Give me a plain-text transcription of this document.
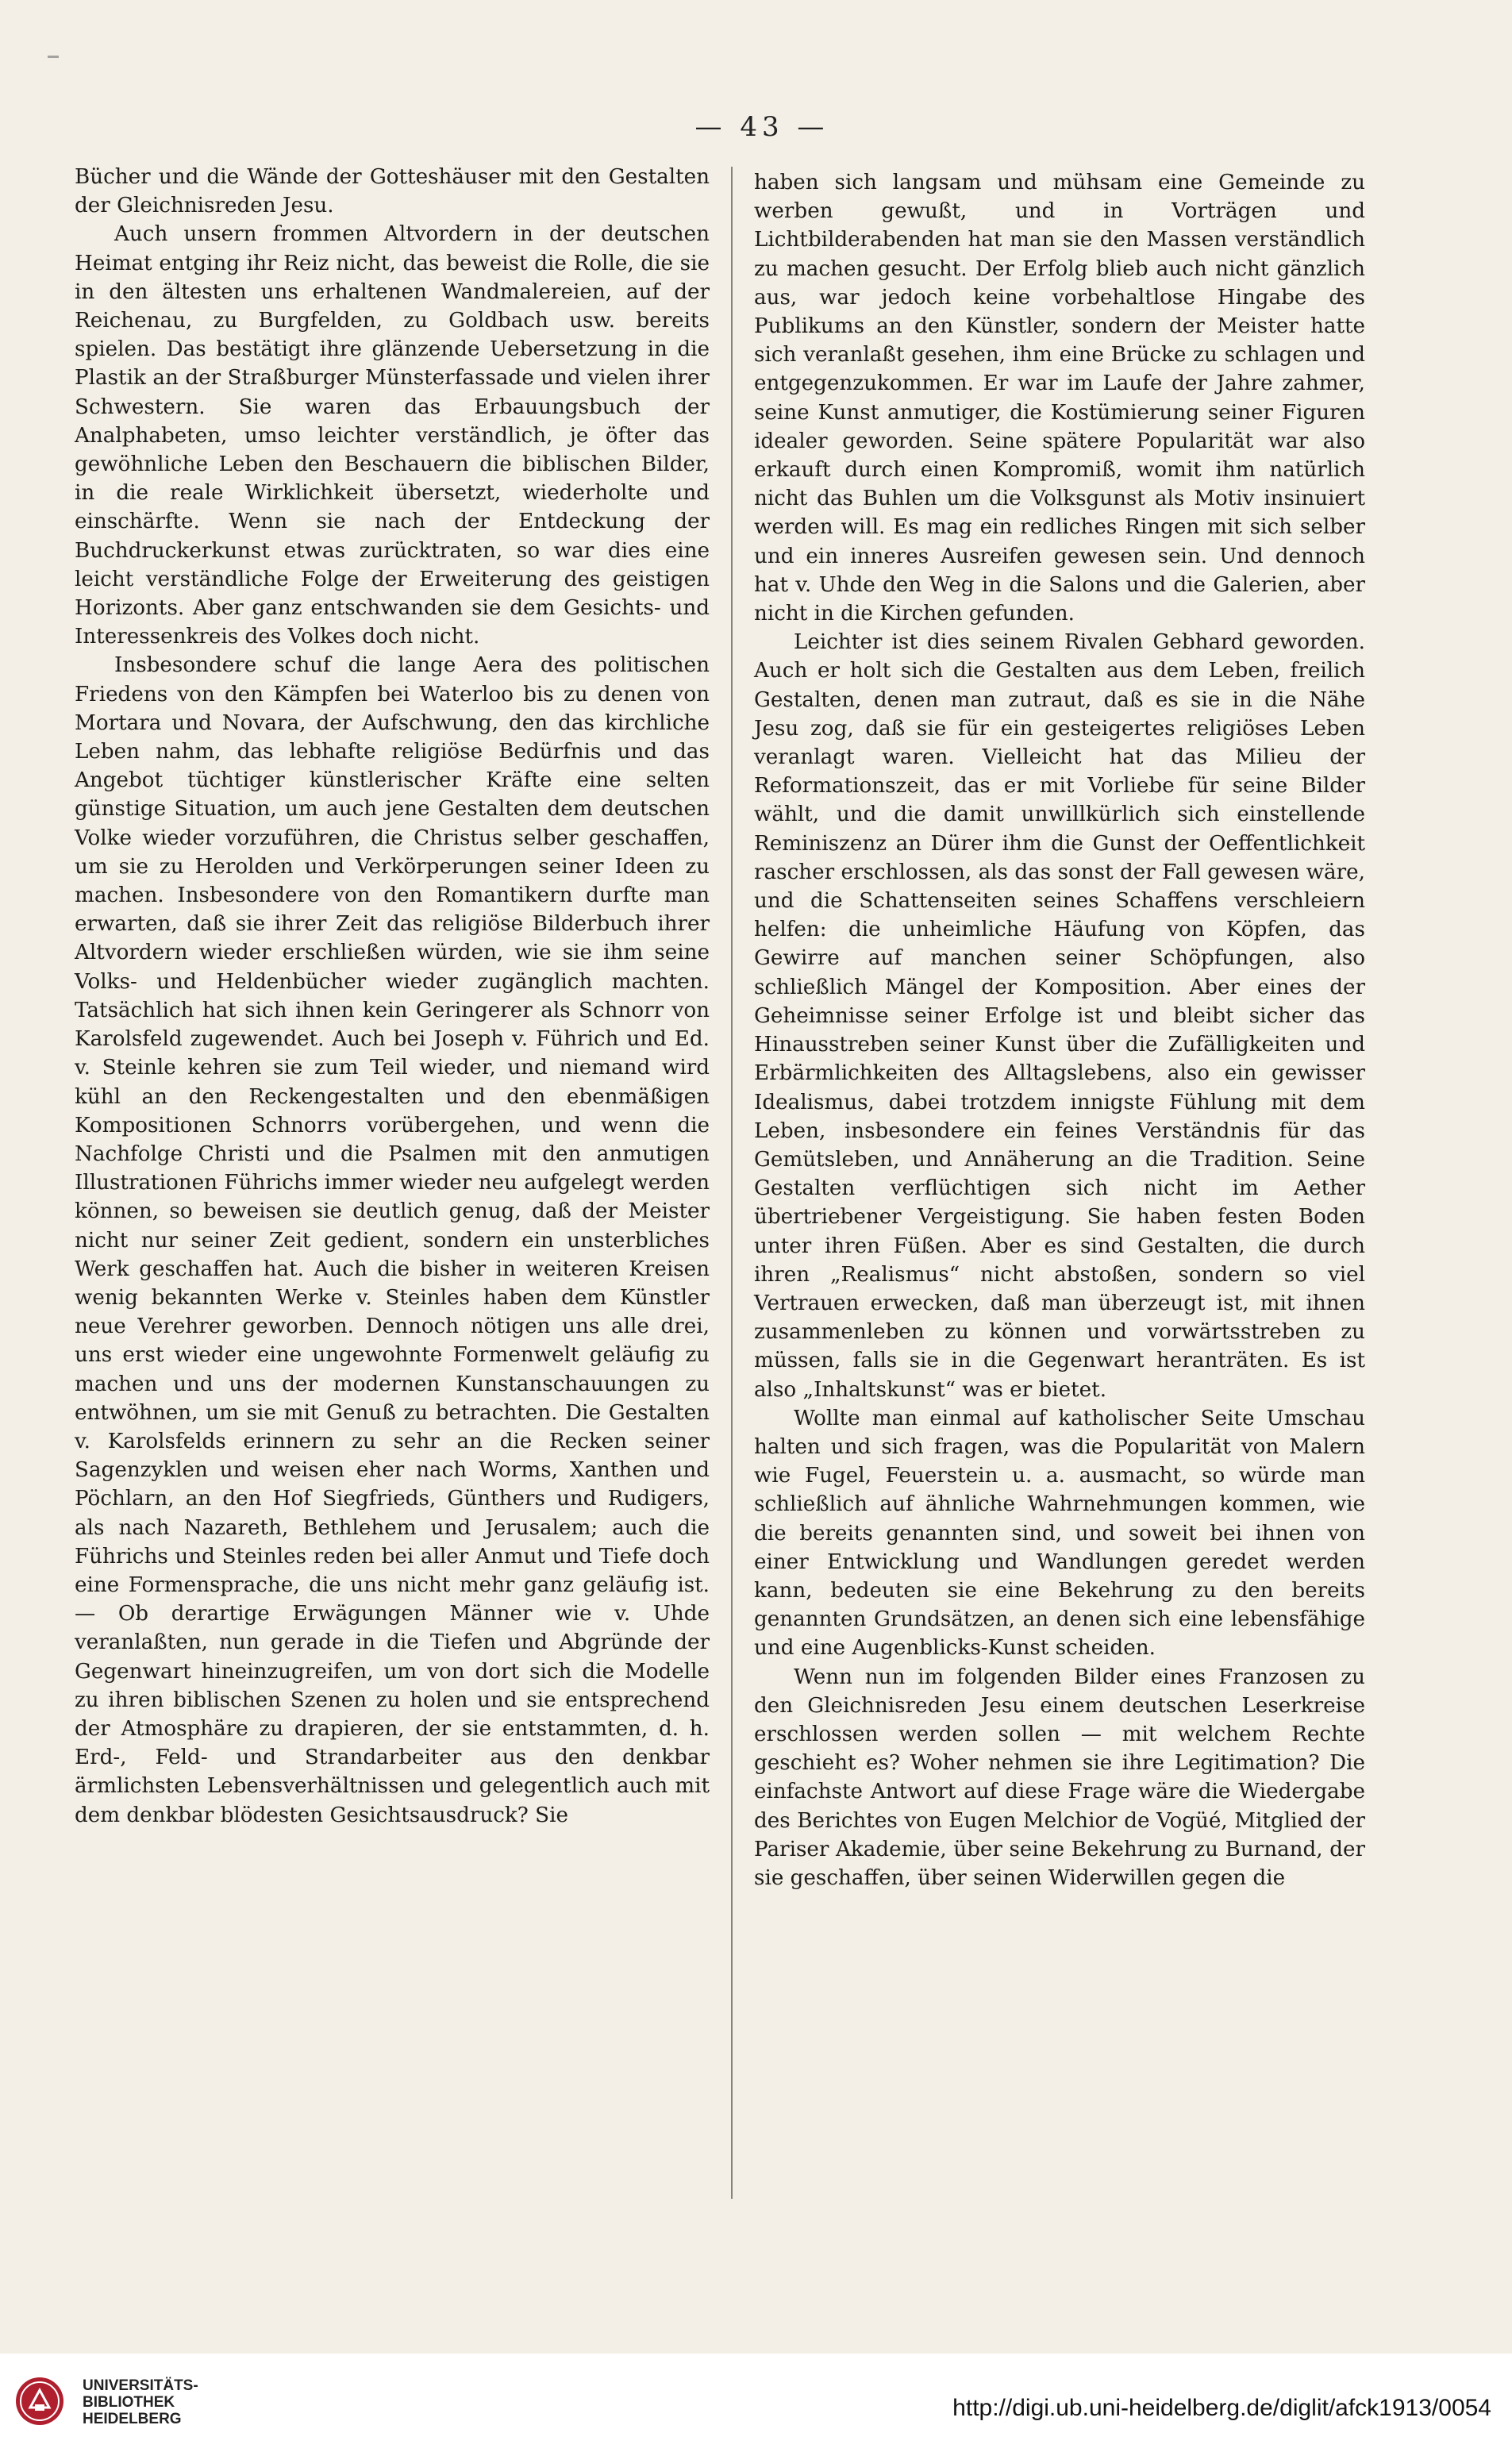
— 43 —

Bücher und die Wände der Gotteshäuser mit den Gestalten der Gleichnisreden Jesu.

Auch unsern frommen Altvordern in der deutschen Heimat entging ihr Reiz nicht, das beweist die Rolle, die sie in den ältesten uns erhaltenen Wandmalereien, auf der Reichenau, zu Burgfelden, zu Goldbach usw. bereits spielen. Das bestätigt ihre glänzende Uebersetzung in die Plastik an der Straßburger Münsterfassade und vielen ihrer Schwestern. Sie waren das Erbauungsbuch der Analphabeten, umso leichter verständlich, je öfter das gewöhnliche Leben den Beschauern die biblischen Bilder, in die reale Wirklichkeit übersetzt, wiederholte und einschärfte. Wenn sie nach der Entdeckung der Buchdruckerkunst etwas zurücktraten, so war dies eine leicht verständliche Folge der Erweiterung des geistigen Horizonts. Aber ganz entschwanden sie dem Gesichts- und Interessenkreis des Volkes doch nicht.

Insbesondere schuf die lange Aera des politischen Friedens von den Kämpfen bei Waterloo bis zu denen von Mortara und Novara, der Aufschwung, den das kirchliche Leben nahm, das lebhafte religiöse Bedürfnis und das Angebot tüchtiger künstlerischer Kräfte eine selten günstige Situation, um auch jene Gestalten dem deutschen Volke wieder vorzuführen, die Christus selber geschaffen, um sie zu Herolden und Verkörperungen seiner Ideen zu machen. Insbesondere von den Romantikern durfte man erwarten, daß sie ihrer Zeit das religiöse Bilderbuch ihrer Altvordern wieder erschließen würden, wie sie ihm seine Volks- und Heldenbücher wieder zugänglich machten. Tatsächlich hat sich ihnen kein Geringerer als Schnorr von Karolsfeld zugewendet. Auch bei Joseph v. Führich und Ed. v. Steinle kehren sie zum Teil wieder, und niemand wird kühl an den Reckengestalten und den ebenmäßigen Kompositionen Schnorrs vorübergehen, und wenn die Nachfolge Christi und die Psalmen mit den anmutigen Illustrationen Führichs immer wieder neu aufgelegt werden können, so beweisen sie deutlich genug, daß der Meister nicht nur seiner Zeit gedient, sondern ein unsterbliches Werk geschaffen hat. Auch die bisher in weiteren Kreisen wenig bekannten Werke v. Steinles haben dem Künstler neue Verehrer geworben. Dennoch nötigen uns alle drei, uns erst wieder eine ungewohnte Formenwelt geläufig zu machen und uns der modernen Kunstanschauungen zu entwöhnen, um sie mit Genuß zu betrachten. Die Gestalten v. Karolsfelds erinnern zu sehr an die Recken seiner Sagenzyklen und weisen eher nach Worms, Xanthen und Pöchlarn, an den Hof Siegfrieds, Günthers und Rudigers, als nach Nazareth, Bethlehem und Jerusalem; auch die Führichs und Steinles reden bei aller Anmut und Tiefe doch eine Formensprache, die uns nicht mehr ganz geläufig ist. — Ob derartige Erwägungen Männer wie v. Uhde veranlaßten, nun gerade in die Tiefen und Abgründe der Gegenwart hineinzugreifen, um von dort sich die Modelle zu ihren biblischen Szenen zu holen und sie entsprechend der Atmosphäre zu drapieren, der sie entstammten, d. h. Erd-, Feld- und Strandarbeiter aus den denkbar ärmlichsten Lebensverhältnissen und gelegentlich auch mit dem denkbar blödesten Gesichtsausdruck? Sie

haben sich langsam und mühsam eine Gemeinde zu werben gewußt, und in Vorträgen und Lichtbilderabenden hat man sie den Massen verständlich zu machen gesucht. Der Erfolg blieb auch nicht gänzlich aus, war jedoch keine vorbehaltlose Hingabe des Publikums an den Künstler, sondern der Meister hatte sich veranlaßt gesehen, ihm eine Brücke zu schlagen und entgegenzukommen. Er war im Laufe der Jahre zahmer, seine Kunst anmutiger, die Kostümierung seiner Figuren idealer geworden. Seine spätere Popularität war also erkauft durch einen Kompromiß, womit ihm natürlich nicht das Buhlen um die Volksgunst als Motiv insinuiert werden will. Es mag ein redliches Ringen mit sich selber und ein inneres Ausreifen gewesen sein. Und dennoch hat v. Uhde den Weg in die Salons und die Galerien, aber nicht in die Kirchen gefunden.

Leichter ist dies seinem Rivalen Gebhard geworden. Auch er holt sich die Gestalten aus dem Leben, freilich Gestalten, denen man zutraut, daß es sie in die Nähe Jesu zog, daß sie für ein gesteigertes religiöses Leben veranlagt waren. Vielleicht hat das Milieu der Reformationszeit, das er mit Vorliebe für seine Bilder wählt, und die damit unwillkürlich sich einstellende Reminiszenz an Dürer ihm die Gunst der Oeffentlichkeit rascher erschlossen, als das sonst der Fall gewesen wäre, und die Schattenseiten seines Schaffens verschleiern helfen: die unheimliche Häufung von Köpfen, das Gewirre auf manchen seiner Schöpfungen, also schließlich Mängel der Komposition. Aber eines der Geheimnisse seiner Erfolge ist und bleibt sicher das Hinausstreben seiner Kunst über die Zufälligkeiten und Erbärmlichkeiten des Alltagslebens, also ein gewisser Idealismus, dabei trotzdem innigste Fühlung mit dem Leben, insbesondere ein feines Verständnis für das Gemütsleben, und Annäherung an die Tradition. Seine Gestalten verflüchtigen sich nicht im Aether übertriebener Vergeistigung. Sie haben festen Boden unter ihren Füßen. Aber es sind Gestalten, die durch ihren „Realismus“ nicht abstoßen, sondern so viel Vertrauen erwecken, daß man überzeugt ist, mit ihnen zusammenleben zu können und vorwärtsstreben zu müssen, falls sie in die Gegenwart heranträten. Es ist also „Inhaltskunst“ was er bietet.

Wollte man einmal auf katholischer Seite Umschau halten und sich fragen, was die Popularität von Malern wie Fugel, Feuerstein u. a. ausmacht, so würde man schließlich auf ähnliche Wahrnehmungen kommen, wie die bereits genannten sind, und soweit bei ihnen von einer Entwicklung und Wandlungen geredet werden kann, bedeuten sie eine Bekehrung zu den bereits genannten Grundsätzen, an denen sich eine lebensfähige und eine Augenblicks-Kunst scheiden.

Wenn nun im folgenden Bilder eines Franzosen zu den Gleichnisreden Jesu einem deutschen Leserkreise erschlossen werden sollen — mit welchem Rechte geschieht es? Woher nehmen sie ihre Legitimation? Die einfachste Antwort auf diese Frage wäre die Wiedergabe des Berichtes von Eugen Melchior de Vogüé, Mitglied der Pariser Akademie, über seine Bekehrung zu Burnand, der sie geschaffen, über seinen Widerwillen gegen die

UNIVERSITÄTS-
BIBLIOTHEK
HEIDELBERG	http://digi.ub.uni-heidelberg.de/diglit/afck1913/0054
